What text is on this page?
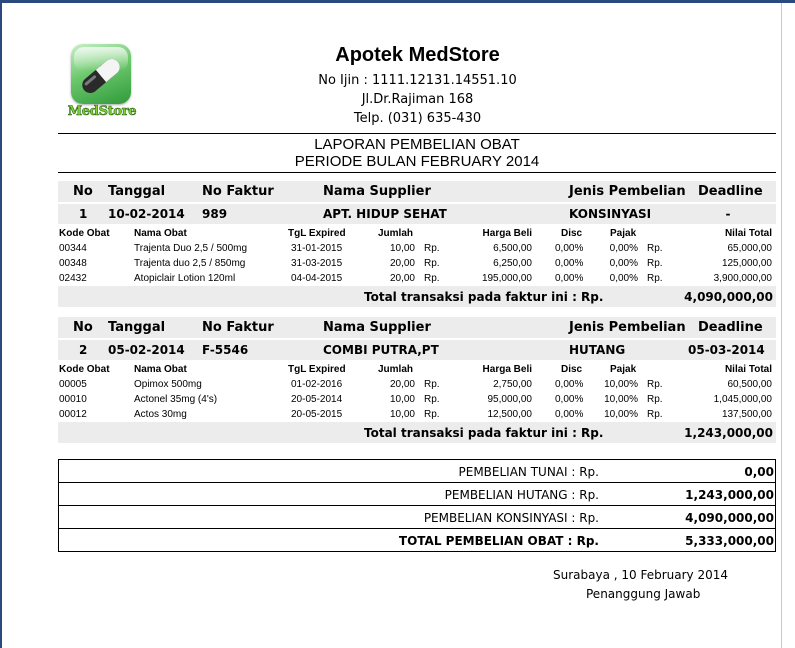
MedStore
Apotek MedStore
No Ijin : 1111.12131.14551.10
Jl.Dr.Rajiman 168
Telp. (031) 635-430
LAPORAN PEMBELIAN OBAT
PERIODE BULAN FEBRUARY 2014
No Tanggal	No Faktur	Nama Supplier	Jenis Pembelian Deadline
1 10-02-2014 989	APT. HIDUP SEHAT	KONSINYASI	-
Kode Obat Nama Obat	TgL Expired	Jumlah	Harga Beli	Disc	Pajak	Nilai Total
00344	Trajenta Duo 2,5 / 500mg	31-01-2015	10,00 Rp.	6,500,00 0,00%	0,00% Rp.	65,000,00
00348	Trajenta duo 2,5 / 850mg	31-03-2015	20,00 Rp.	6,250,00 0,00%	0,00% Rp.	125,000,00
02432	Atopiclair Lotion 120ml	04-04-2015	20,00 Rp.	195,000,00 0,00%	0,00% Rp.	3,900,000,00
Total transaksi pada faktur ini : Rp.	4,090,000,00
No Tanggal	No Faktur	Nama Supplier	Jenis Pembelian Deadline
2 05-02-2014 F-5546	COMBI PUTRA,PT	HUTANG	05-03-2014
Kode Obat Nama Obat	TgL Expired	Jumlah	Harga Beli	Disc	Pajak	Nilai Total
00005	Opimox 500mg	01-02-2016	20,00 Rp.	2,750,00 0,00%	10,00% Rp.	60,500,00
00010	Actonel 35mg (4's)	20-05-2014	10,00 Rp.	95,000,00 0,00%	10,00% Rp.	1,045,000,00
00012	Actos 30mg	20-05-2015	10,00 Rp.	12,500,00 0,00%	10,00% Rp.	137,500,00
Total transaksi pada faktur ini : Rp.	1,243,000,00
PEMBELIAN TUNAI : Rp.	0,00
PEMBELIAN HUTANG : Rp.	1,243,000,00
PEMBELIAN KONSINYASI : Rp.	4,090,000,00
TOTAL PEMBELIAN OBAT : Rp.	5,333,000,00
Surabaya , 10 February 2014
Penanggung Jawab
